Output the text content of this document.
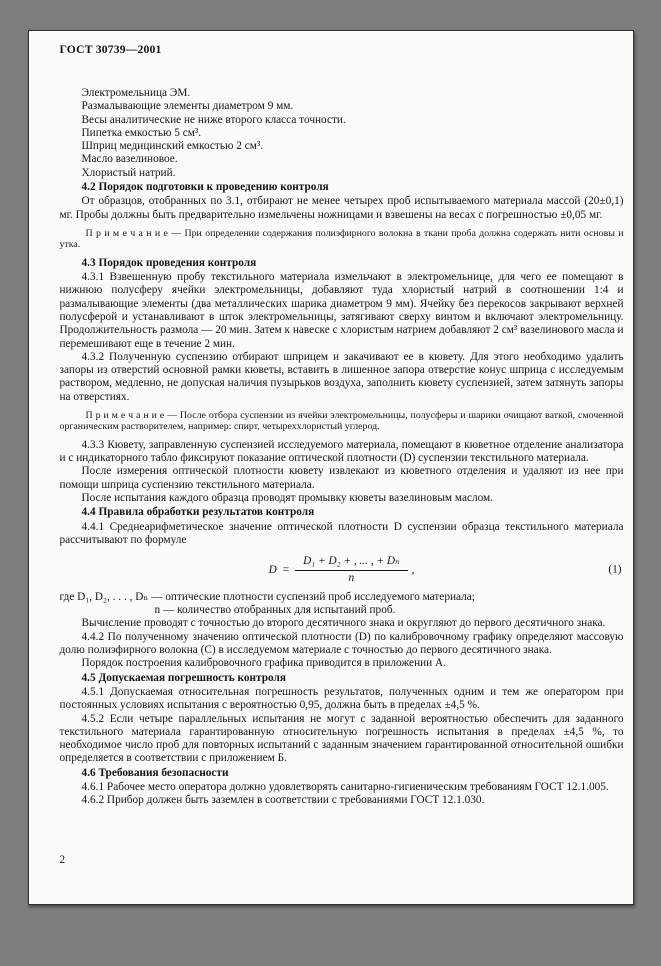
ГОСТ 30739—2001
Электромельница ЭМ.
Размалывающие элементы диаметром 9 мм.
Весы аналитические не ниже второго класса точности.
Пипетка емкостью 5 см³.
Шприц медицинский емкостью 2 см³.
Масло вазелиновое.
Хлористый натрий.
4.2 Порядок подготовки к проведению контроля
От образцов, отобранных по 3.1, отбирают не менее четырех проб испытываемого материала массой (20±0,1) мг. Пробы должны быть предварительно измельчены ножницами и взвешены на весах с погрешностью ±0,05 мг.
П р и м е ч а н и е — При определении содержания полиэфирного волокна в ткани проба должна содержать нити основы и утка.
4.3 Порядок проведения контроля
4.3.1 Взвешенную пробу текстильного материала измельчают в электромельнице, для чего ее помещают в нижнюю полусферу ячейки электромельницы, добавляют туда хлористый натрий в соотношении 1:4 и размалывающие элементы (два металлических шарика диаметром 9 мм). Ячейку без перекосов закрывают верхней полусферой и устанавливают в шток электромельницы, затягивают сверху винтом и включают электромельницу. Продолжительность размола — 20 мин. Затем к навеске с хлористым натрием добавляют 2 см³ вазелинового масла и перемешивают еще в течение 2 мин.
4.3.2 Полученную суспензию отбирают шприцем и закачивают ее в кювету. Для этого необходимо удалить запоры из отверстий основной рамки кюветы, вставить в лишенное запора отверстие конус шприца с исследуемым раствором, медленно, не допуская наличия пузырьков воздуха, заполнить кювету суспензией, затем затянуть запоры на отверстиях.
П р и м е ч а н и е — После отбора суспензии из ячейки электромельницы, полусферы и шарики очищают ваткой, смоченной органическим растворителем, например: спирт, четыреххлористый углерод.
4.3.3 Кювету, заправленную суспензией исследуемого материала, помещают в кюветное отделение анализатора и с индикаторного табло фиксируют показание оптической плотности (D) суспензии текстильного материала.
После измерения оптической плотности кювету извлекают из кюветного отделения и удаляют из нее при помощи шприца суспензию текстильного материала.
После испытания каждого образца проводят промывку кюветы вазелиновым маслом.
4.4 Правила обработки результатов контроля
4.4.1 Среднеарифметическое значение оптической плотности D суспензии образца текстильного материала рассчитывают по формуле
$D = \frac{\text{D₁ + D₂ + , ... , + Dₙ}}{n}$ ,	(1)
где D₁, D₂, . . . , Dₙ — оптические плотности суспензий проб исследуемого материала;
n — количество отобранных для испытаний проб.
Вычисление проводят с точностью до второго десятичного знака и округляют до первого десятичного знака.
4.4.2 По полученному значению оптической плотности (D) по калибровочному графику определяют массовую долю полиэфирного волокна (С) в исследуемом материале с точностью до первого десятичного знака.
Порядок построения калибровочного графика приводится в приложении А.
4.5 Допускаемая погрешность контроля
4.5.1 Допускаемая относительная погрешность результатов, полученных одним и тем же оператором при постоянных условиях испытания с вероятностью 0,95, должна быть в пределах ±4,5 %.
4.5.2 Если четыре параллельных испытания не могут с заданной вероятностью обеспечить для заданного текстильного материала гарантированную относительную погрешность испытания в пределах ±4,5 %, то необходимое число проб для повторных испытаний с заданным значением гарантированной относительной ошибки определяется в соответствии с приложением Б.
4.6 Требования безопасности
4.6.1 Рабочее место оператора должно удовлетворять санитарно-гигиеническим требованиям ГОСТ 12.1.005.
4.6.2 Прибор должен быть заземлен в соответствии с требованиями ГОСТ 12.1.030.
2
